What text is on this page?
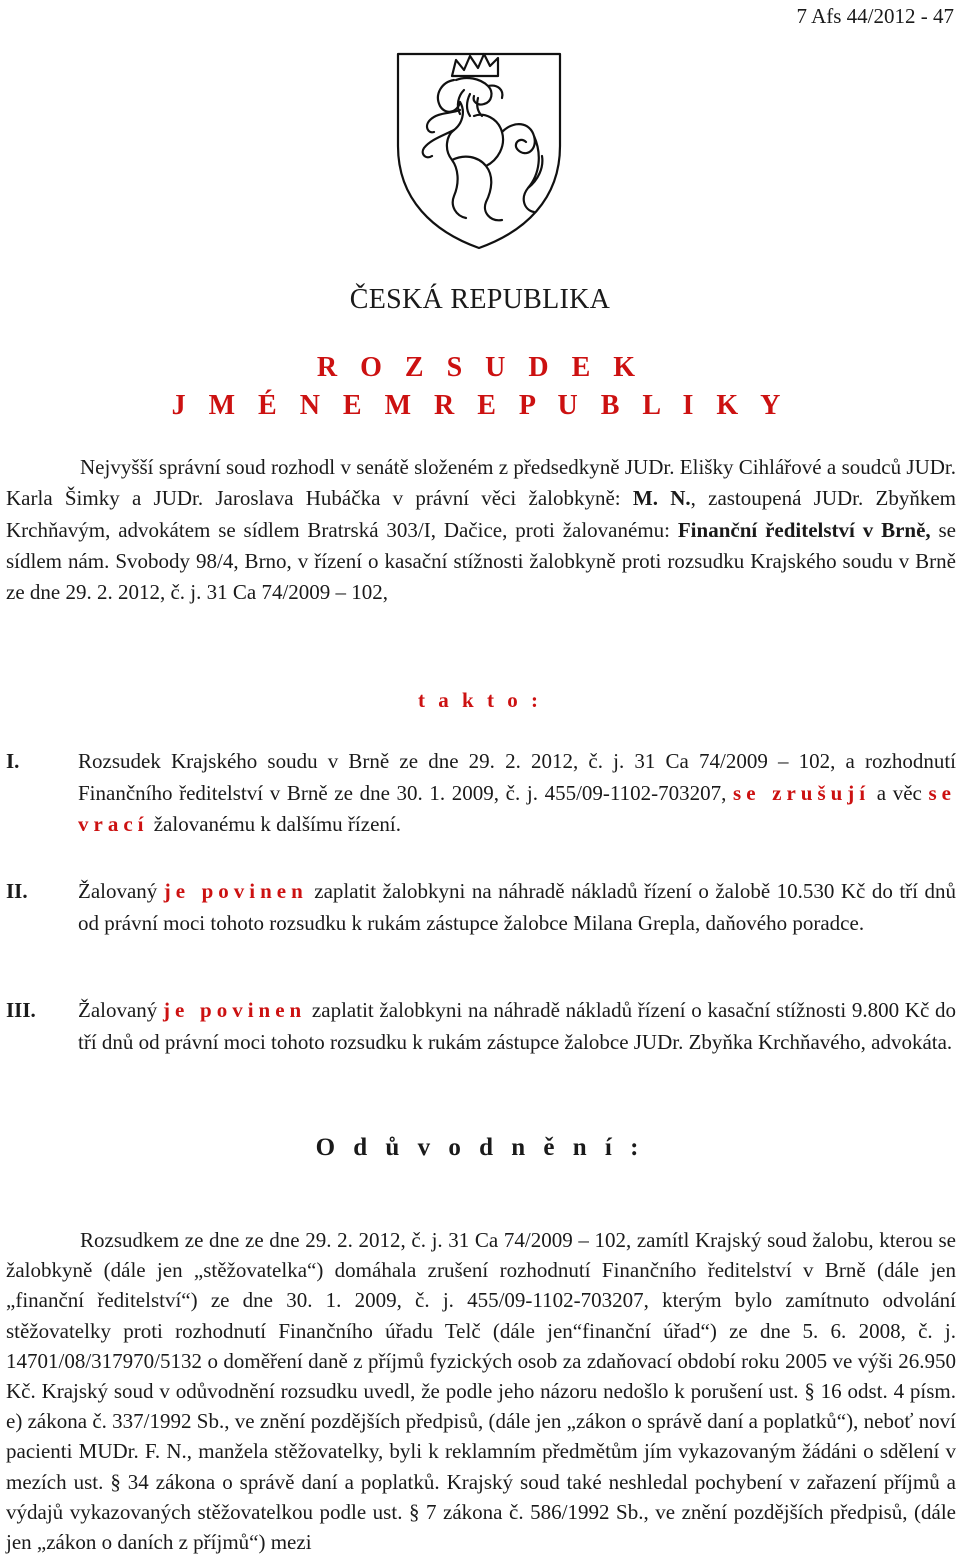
7 Afs 44/2012 - 47
ČESKÁ REPUBLIKA
R O Z S U D E K
J M É N E M R E P U B L I K Y
Nejvyšší správní soud rozhodl v senátě složeném z předsedkyně JUDr. Elišky Cihlářové a soudců JUDr. Karla Šimky a JUDr. Jaroslava Hubáčka v právní věci žalobkyně: M. N., zastoupená JUDr. Zbyňkem Krchňavým, advokátem se sídlem Bratrská 303/I, Dačice, proti žalovanému: Finanční ředitelství v Brně, se sídlem nám. Svobody 98/4, Brno, v řízení o kasační stížnosti žalobkyně proti rozsudku Krajského soudu v Brně ze dne 29. 2. 2012, č. j. 31 Ca 74/2009 – 102,
t a k t o :
I.	Rozsudek Krajského soudu v Brně ze dne 29. 2. 2012, č. j. 31 Ca 74/2009 – 102, a rozhodnutí Finančního ředitelství v Brně ze dne 30. 1. 2009, č. j. 455/09-1102-703207, se zrušují a věc se vrací žalovanému k dalšímu řízení.
II. Žalovaný je povinen zaplatit žalobkyni na náhradě nákladů řízení o žalobě 10.530 Kč do tří dnů od právní moci tohoto rozsudku k rukám zástupce žalobce Milana Grepla, daňového poradce.
III. Žalovaný je povinen zaplatit žalobkyni na náhradě nákladů řízení o kasační stížnosti 9.800 Kč do tří dnů od právní moci tohoto rozsudku k rukám zástupce žalobce JUDr. Zbyňka Krchňavého, advokáta.
O d ů v o d n ě n í :
Rozsudkem ze dne ze dne 29. 2. 2012, č. j. 31 Ca 74/2009 – 102, zamítl Krajský soud žalobu, kterou se žalobkyně (dále jen „stěžovatelka“) domáhala zrušení rozhodnutí Finančního ředitelství v Brně (dále jen „finanční ředitelství“) ze dne 30. 1. 2009, č. j. 455/09-1102-703207, kterým bylo zamítnuto odvolání stěžovatelky proti rozhodnutí Finančního úřadu Telč (dále jen“finanční úřad“) ze dne 5. 6. 2008, č. j. 14701/08/317970/5132 o doměření daně z příjmů fyzických osob za zdaňovací období roku 2005 ve výši 26.950 Kč. Krajský soud v odůvodnění rozsudku uvedl, že podle jeho názoru nedošlo k porušení ust. § 16 odst. 4 písm. e) zákona č. 337/1992 Sb., ve znění pozdějších předpisů, (dále jen „zákon o správě daní a poplatků“), neboť noví pacienti MUDr. F. N., manžela stěžovatelky, byli k reklamním předmětům jím vykazovaným žádáni o sdělení v mezích ust. § 34 zákona o správě daní a poplatků. Krajský soud také neshledal pochybení v zařazení příjmů a výdajů vykazovaných stěžovatelkou podle ust. § 7 zákona č. 586/1992 Sb., ve znění pozdějších předpisů, (dále jen „zákon o daních z příjmů“) mezi
